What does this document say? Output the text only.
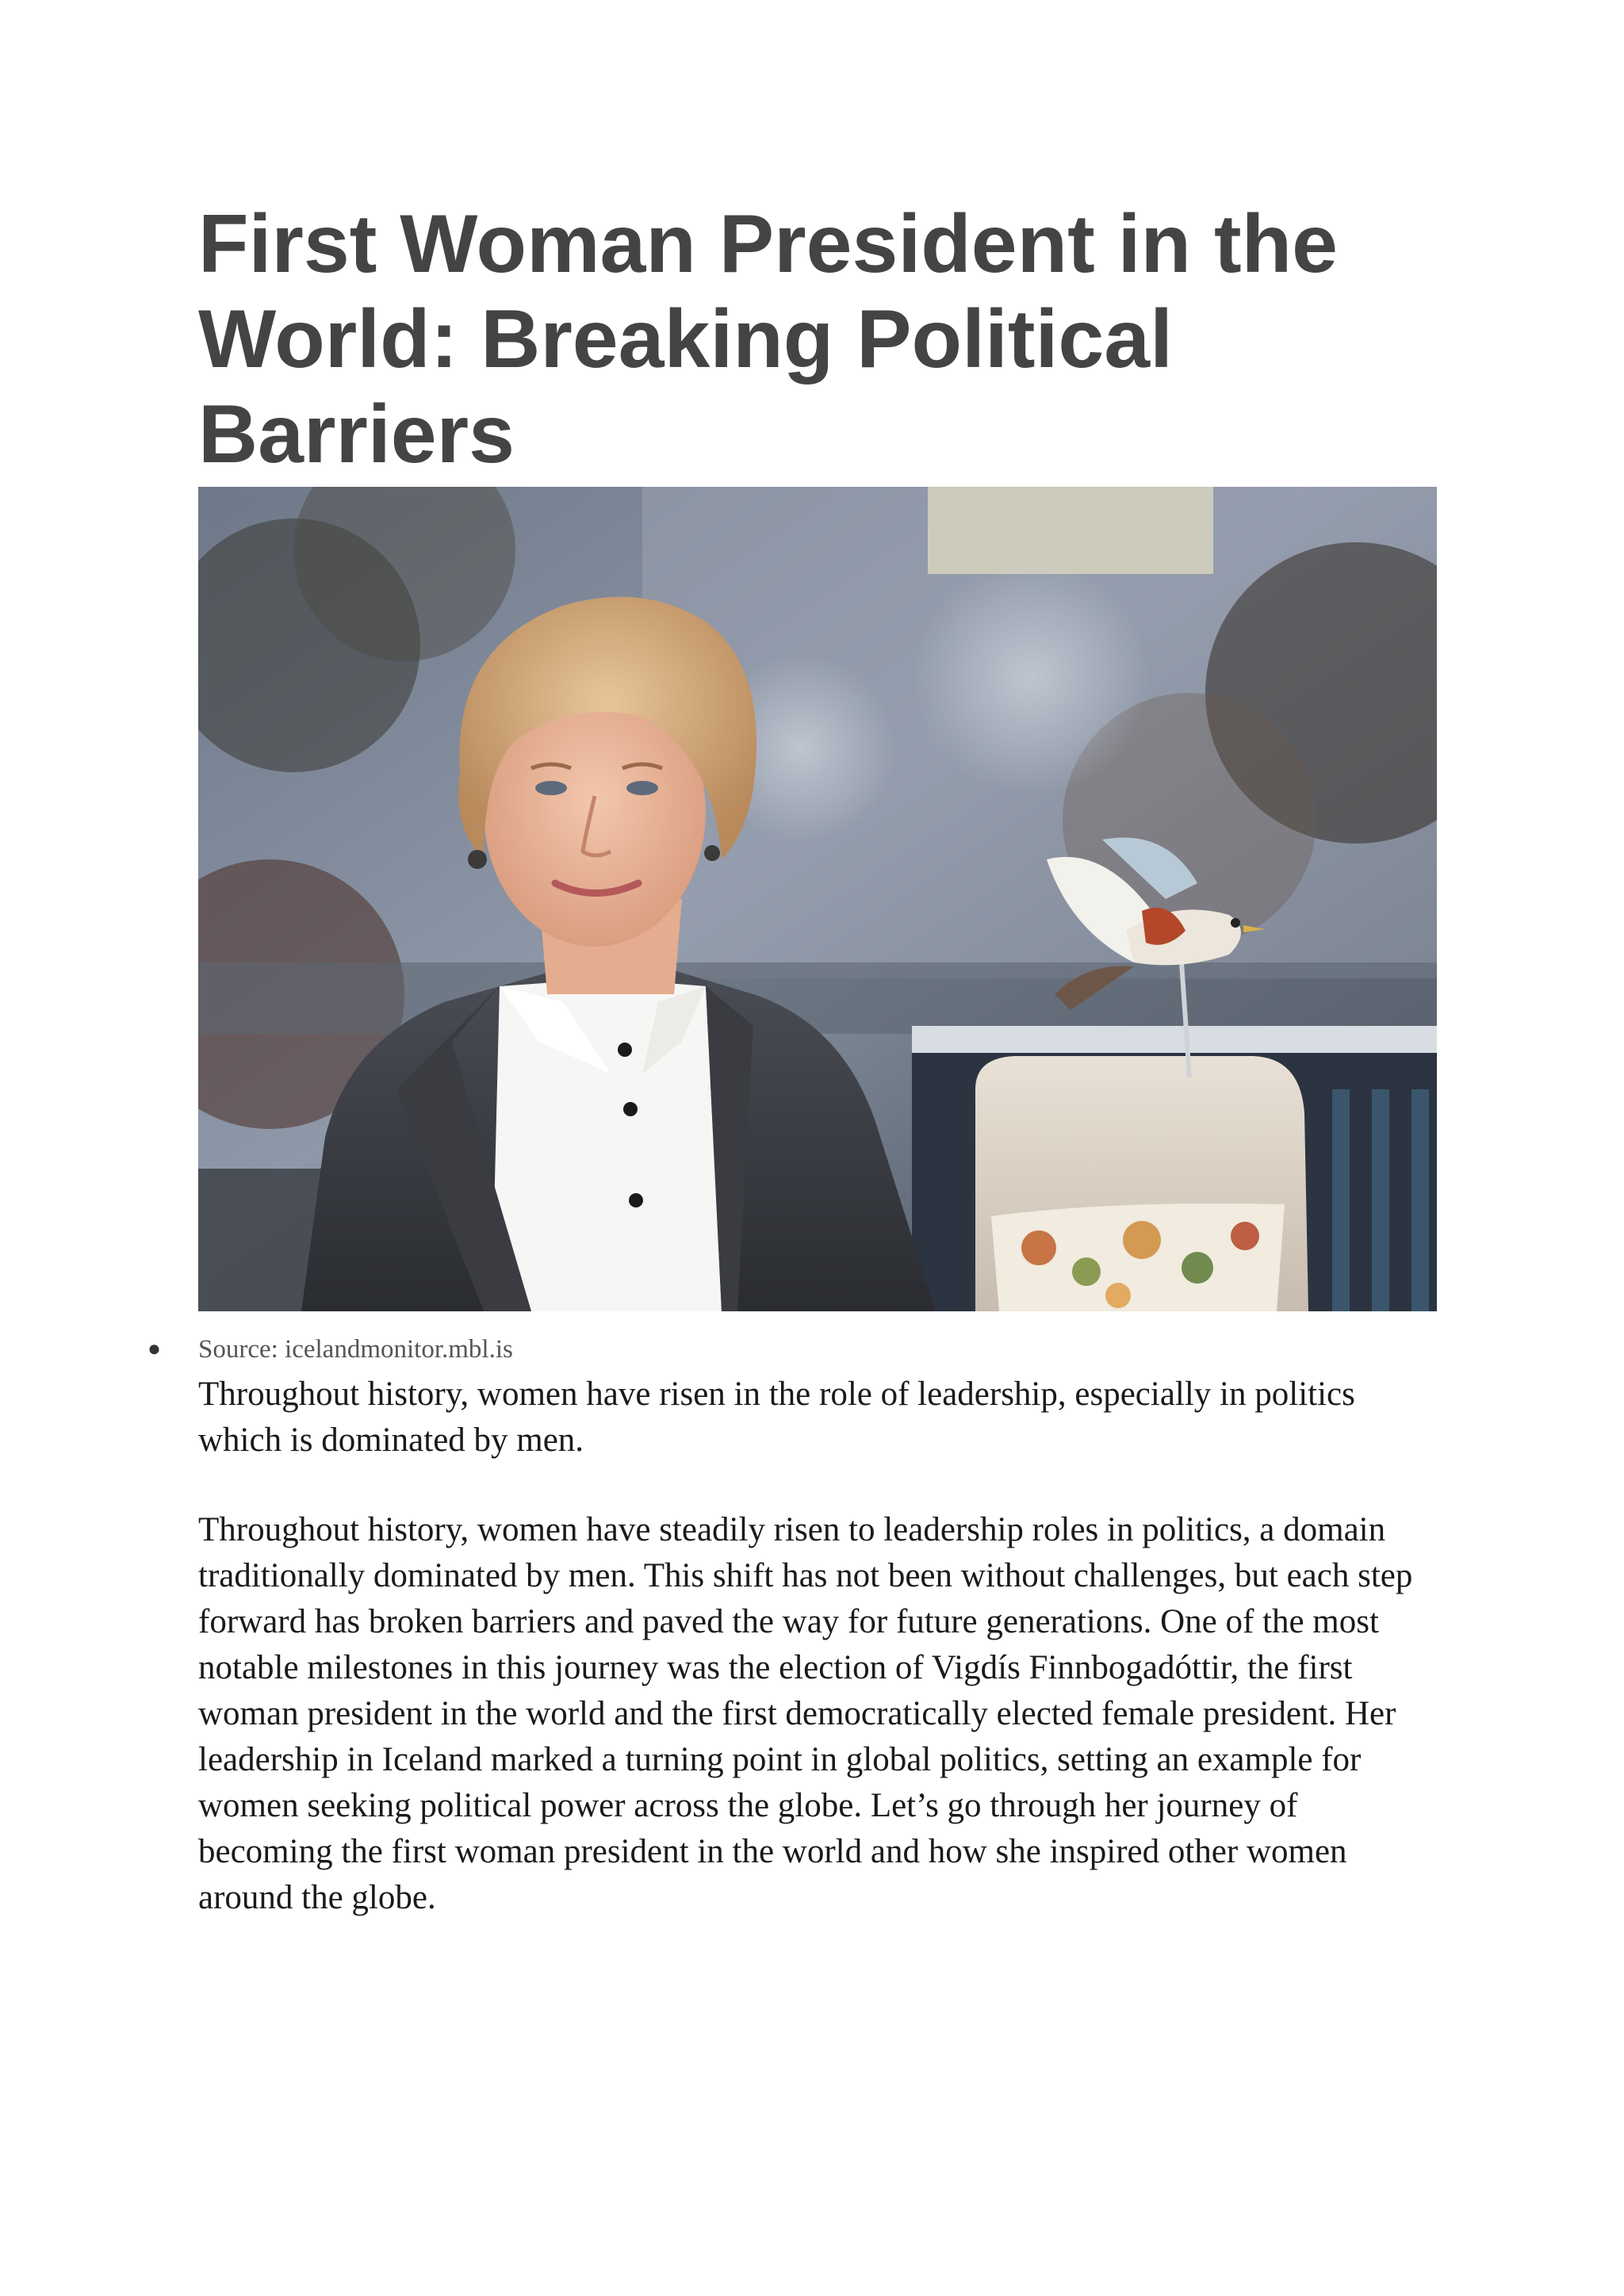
First Woman President in the World: Breaking Political Barriers
● Source: icelandmonitor.mbl.is

Throughout history, women have risen in the role of leadership, especially in politics which is dominated by men.

Throughout history, women have steadily risen to leadership roles in politics, a domain traditionally dominated by men. This shift has not been without challenges, but each step forward has broken barriers and paved the way for future generations. One of the most notable milestones in this journey was the election of Vigdís Finnbogadóttir, the first woman president in the world and the first democratically elected female president. Her leadership in Iceland marked a turning point in global politics, setting an example for women seeking political power across the globe. Let’s go through her journey of becoming the first woman president in the world and how she inspired other women around the globe.
